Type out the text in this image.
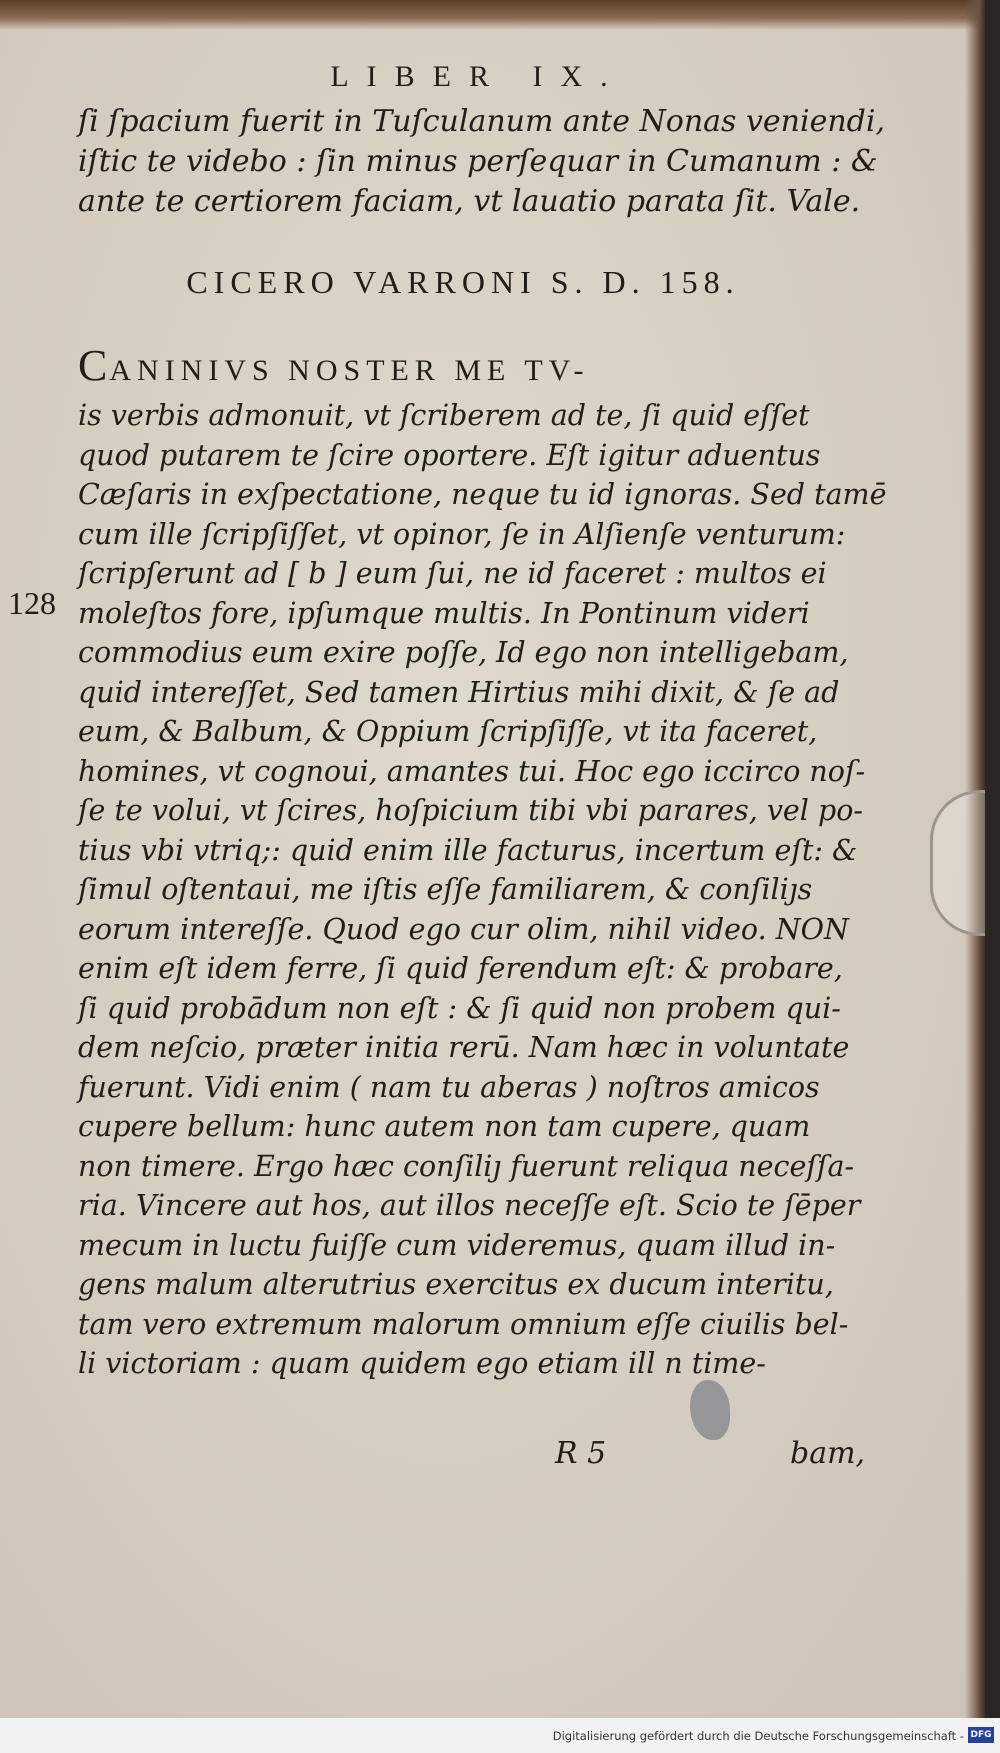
128
LIBER IX.

ſi ſpacium fuerit in Tuſculanum ante Nonas veniendi,

iſtic te videbo : ſin minus perſequar in Cumanum : &

ante te certiorem faciam, vt lauatio parata ſit. Vale.

CICERO VARRONI S. D. 158.

CANINIVS NOSTER ME TV-

is verbis admonuit, vt ſcriberem ad te, ſi quid eſſet

quod putarem te ſcire oportere. Eſt igitur aduentus

Cæſaris in exſpectatione, neque tu id ignoras. Sed tamē

cum ille ſcripſiſſet, vt opinor, ſe in Alſienſe venturum:

ſcripſerunt ad [ b ] eum ſui, ne id faceret : multos ei

moleſtos fore, ipſumque multis. In Pontinum videri

commodius eum exire poſſe, Id ego non intelligebam,

quid intereſſet, Sed tamen Hirtius mihi dixit, & ſe ad

eum, & Balbum, & Oppium ſcripſiſſe, vt ita faceret,

homines, vt cognoui, amantes tui. Hoc ego iccirco noſ-

ſe te volui, vt ſcires, hoſpicium tibi vbi parares, vel po-

tius vbi vtriq;: quid enim ille facturus, incertum eſt: &

ſimul oſtentaui, me iſtis eſſe familiarem, & conſiliȷs

eorum intereſſe. Quod ego cur olim, nihil video. NON

enim eſt idem ferre, ſi quid ferendum eſt: & probare,

ſi quid probādum non eſt : & ſi quid non probem qui-

dem neſcio, præter initia rerū. Nam hæc in voluntate

fuerunt. Vidi enim ( nam tu aberas ) noſtros amicos

cupere bellum: hunc autem non tam cupere, quam

non timere. Ergo hæc conſiliȷ fuerunt reliqua neceſſa-

ria. Vincere aut hos, aut illos neceſſe eſt. Scio te ſēper

mecum in luctu fuiſſe cum videremus, quam illud in-

gens malum alterutrius exercitus ex ducum interitu,

tam vero extremum malorum omnium eſſe ciuilis bel-

li victoriam : quam quidem ego etiam ill n time-

R 5	bam,
Digitalisierung gefördert durch die Deutsche Forschungsgemeinschaft - DFG
